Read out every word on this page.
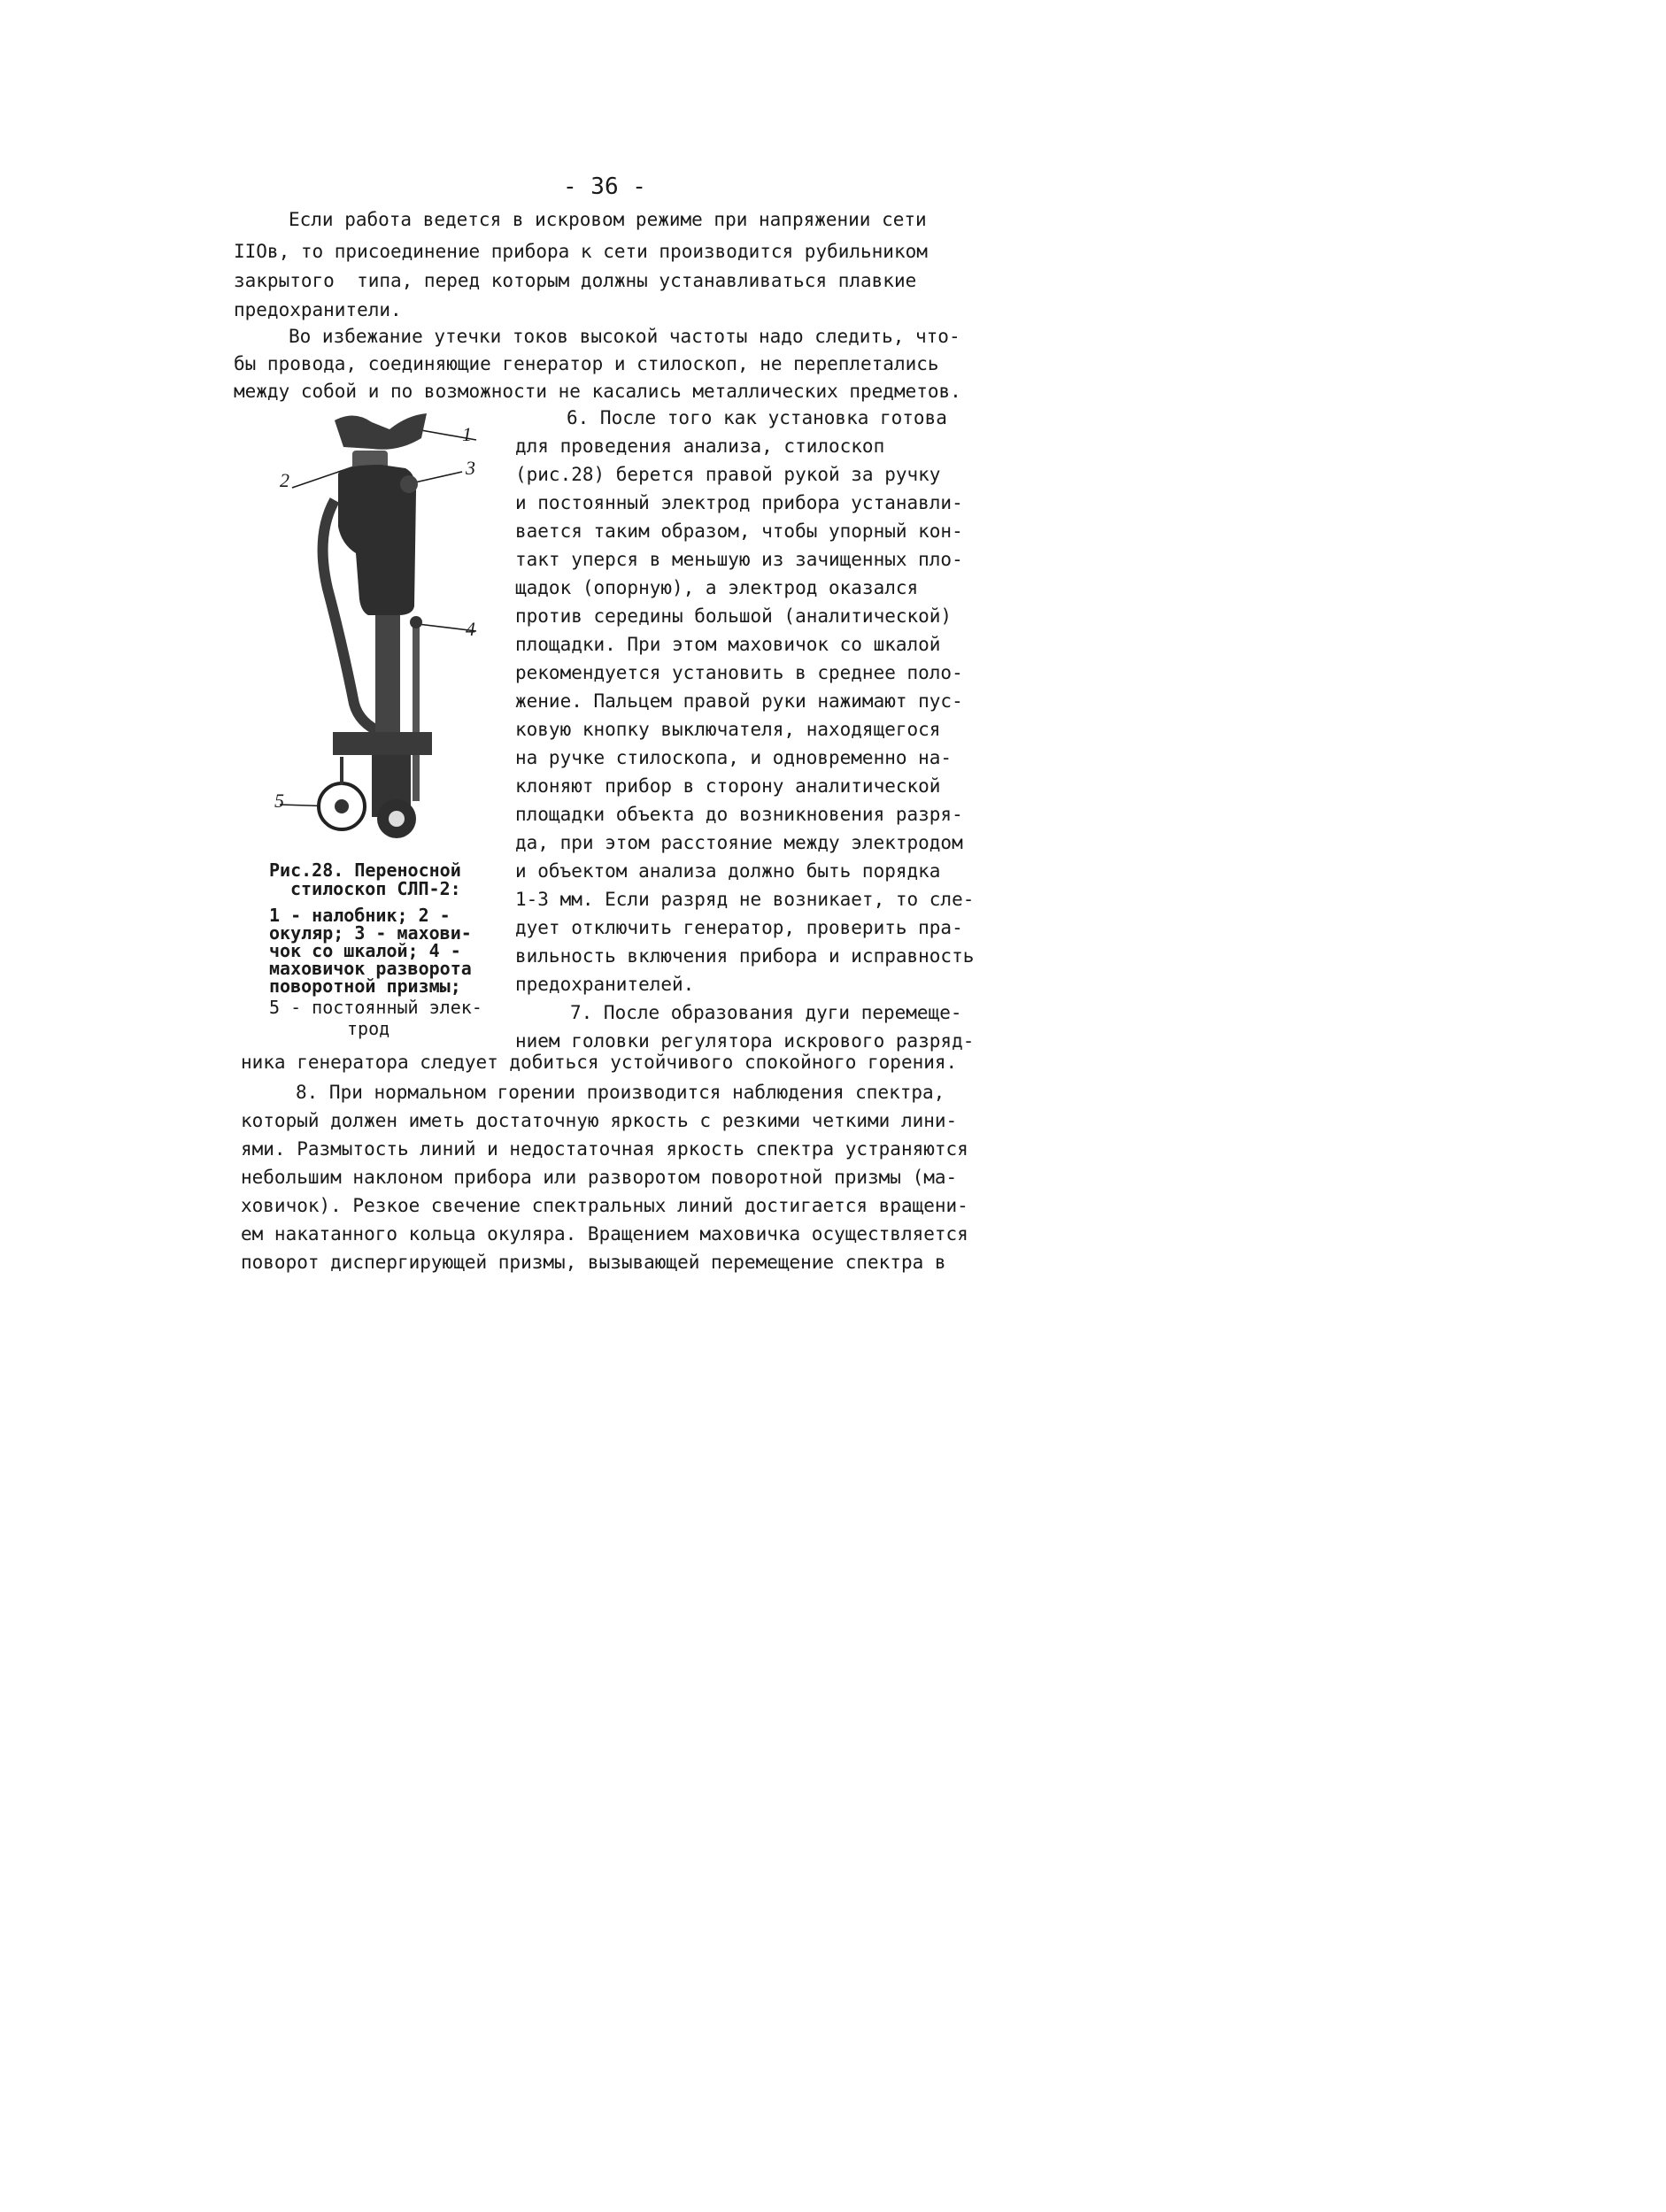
- 36 -
Если работа ведется в искровом режиме при напряжении сети
IIOв, то присоединение прибора к сети производится рубильником
закрытого  типа, перед которым должны устанавливаться плавкие
предохранители.
Во избежание утечки токов высокой частоты надо следить, что-
бы провода, соединяющие генератор и стилоскоп, не переплетались
между собой и по возможности не касались металлических предметов.
6. После того как установка готова
для проведения анализа, стилоскоп
(рис.28) берется правой рукой за ручку
и постоянный электрод прибора устанавли-
вается таким образом, чтобы упорный кон-
такт уперся в меньшую из зачищенных пло-
щадок (опорную), а электрод оказался
против середины большой (аналитической)
площадки. При этом маховичок со шкалой
рекомендуется установить в среднее поло-
жение. Пальцем правой руки нажимают пус-
ковую кнопку выключателя, находящегося
на ручке стилоскопа, и одновременно на-
клоняют прибор в сторону аналитической
площадки объекта до возникновения разря-
да, при этом расстояние между электродом
и объектом анализа должно быть порядка
1-3 мм. Если разряд не возникает, то сле-
дует отключить генератор, проверить пра-
вильность включения прибора и исправность
предохранителей.
7. После образования дуги перемеще-
нием головки регулятора искрового разряд-
1
2
3
4
5
Рис.28. Переносной
стилоскоп СЛП-2:
1 - налобник; 2 -
окуляр; 3 - махови-
чок со шкалой; 4 -
маховичок разворота
поворотной призмы;
5 - постоянный элек-
трод
ника генератора следует добиться устойчивого спокойного горения.
8. При нормальном горении производится наблюдения спектра,
который должен иметь достаточную яркость с резкими четкими лини-
ями. Размытость линий и недостаточная яркость спектра устраняются
небольшим наклоном прибора или разворотом поворотной призмы (ма-
ховичок). Резкое свечение спектральных линий достигается вращени-
ем накатанного кольца окуляра. Вращением маховичка осуществляется
поворот диспергирующей призмы, вызывающей перемещение спектра в
